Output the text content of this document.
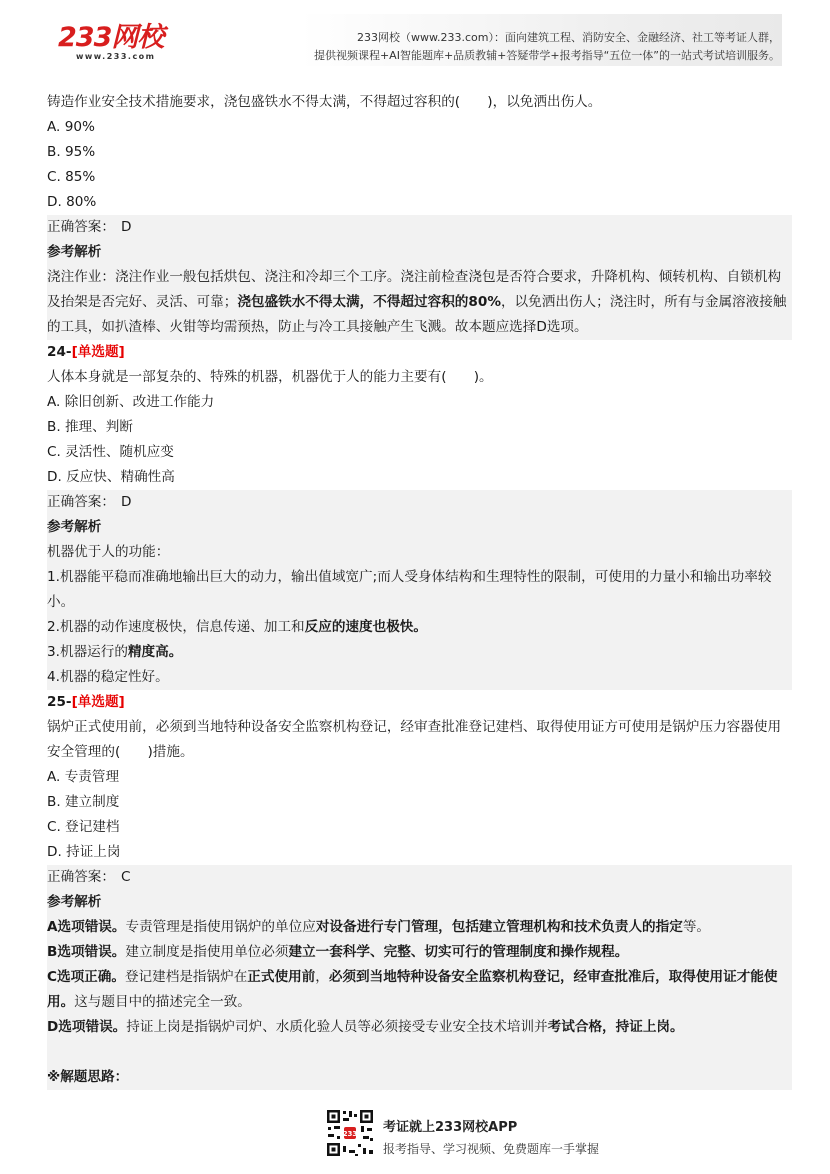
233网校
www.233.com
233网校（www.233.com）：面向建筑工程、消防安全、金融经济、社工等考证人群，
提供视频课程+AI智能题库+品质教辅+答疑带学+报考指导“五位一体”的一站式考试培训服务。
铸造作业安全技术措施要求，浇包盛铁水不得太满，不得超过容积的(　　)，以免洒出伤人。
A. 90%
B. 95%
C. 85%
D. 80%
正确答案： D
参考解析
浇注作业：浇注作业一般包括烘包、浇注和冷却三个工序。浇注前检查浇包是否符合要求，升降机构、倾转机构、自锁机构及抬架是否完好、灵活、可靠；浇包盛铁水不得太满，不得超过容积的80%，以免洒出伤人；浇注时，所有与金属溶液接触的工具，如扒渣棒、火钳等均需预热，防止与冷工具接触产生飞溅。故本题应选择D选项。
24-[单选题]
人体本身就是一部复杂的、特殊的机器，机器优于人的能力主要有(　　)。
A. 除旧创新、改进工作能力
B. 推理、判断
C. 灵活性、随机应变
D. 反应快、精确性高
正确答案： D
参考解析
机器优于人的功能：
1.机器能平稳而准确地输出巨大的动力，输出值域宽广;而人受身体结构和生理特性的限制，可使用的力量小和输出功率较小。
2.机器的动作速度极快，信息传递、加工和反应的速度也极快。
3.机器运行的精度高。
4.机器的稳定性好。
25-[单选题]
锅炉正式使用前，必须到当地特种设备安全监察机构登记，经审查批准登记建档、取得使用证方可使用是锅炉压力容器使用安全管理的(　　)措施。
A. 专责管理
B. 建立制度
C. 登记建档
D. 持证上岗
正确答案： C
参考解析
A选项错误。专责管理是指使用锅炉的单位应对设备进行专门管理，包括建立管理机构和技术负责人的指定等。
B选项错误。建立制度是指使用单位必须建立一套科学、完整、切实可行的管理制度和操作规程。
C选项正确。登记建档是指锅炉在正式使用前，必须到当地特种设备安全监察机构登记，经审查批准后，取得使用证才能使用。这与题目中的描述完全一致。
D选项错误。持证上岗是指锅炉司炉、水质化验人员等必须接受专业安全技术培训并考试合格，持证上岗。
※解题思路：
233 考证就上233网校APP
报考指导、学习视频、免费题库一手掌握
